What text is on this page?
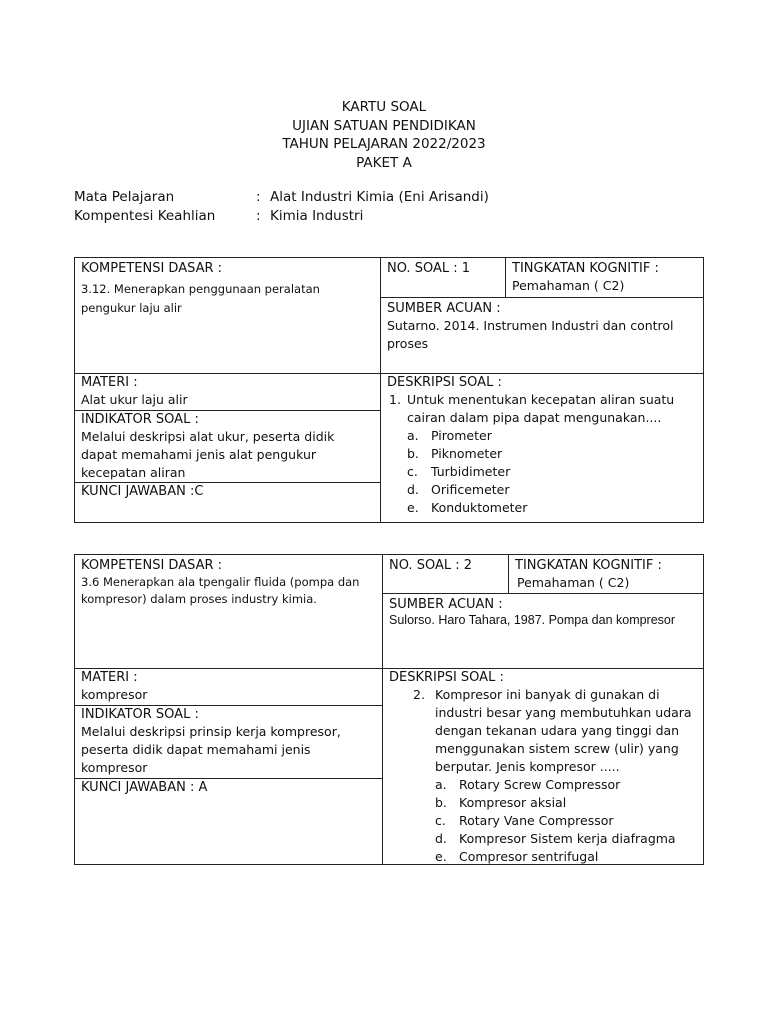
KARTU SOAL
UJIAN SATUAN PENDIDIKAN
TAHUN PELAJARAN 2022/2023
PAKET A
Mata Pelajaran	: Alat Industri Kimia (Eni Arisandi)
Kompentesi Keahlian	: Kimia Industri
KOMPETENSI DASAR :
3.12. Menerapkan penggunaan peralatan pengukur laju alir
NO. SOAL : 1	TINGKATAN KOGNITIF :
Pemahaman ( C2)
SUMBER ACUAN :
Sutarno. 2014. Instrumen Industri dan control proses
MATERI :
Alat ukur laju alir
INDIKATOR SOAL :
Melalui deskripsi alat ukur, peserta didik dapat memahami jenis alat pengukur kecepatan aliran
KUNCI JAWABAN :C
DESKRIPSI SOAL :
1. Untuk menentukan kecepatan aliran suatu cairan dalam pipa dapat mengunakan....
a. Pirometer
b. Piknometer
c.	Turbidimeter
d. Orificemeter
e. Konduktometer
KOMPETENSI DASAR :
3.6 Menerapkan ala tpengalir fluida (pompa dan kompresor) dalam proses industry kimia.
NO. SOAL : 2	TINGKATAN KOGNITIF :
Pemahaman ( C2)
SUMBER ACUAN :
Sulorso. Haro Tahara, 1987. Pompa dan kompresor
MATERI :
kompresor
INDIKATOR SOAL :
Melalui deskripsi prinsip kerja kompresor, peserta didik dapat memahami jenis kompresor
KUNCI JAWABAN : A
DESKRIPSI SOAL :
2. Kompresor ini banyak di gunakan di industri besar yang membutuhkan udara dengan tekanan udara yang tinggi dan menggunakan sistem screw (ulir) yang berputar. Jenis kompresor .....
a. Rotary Screw Compressor
b. Kompresor aksial
c.	Rotary Vane Compressor
d. Kompresor Sistem kerja diafragma
e. Compresor sentrifugal
